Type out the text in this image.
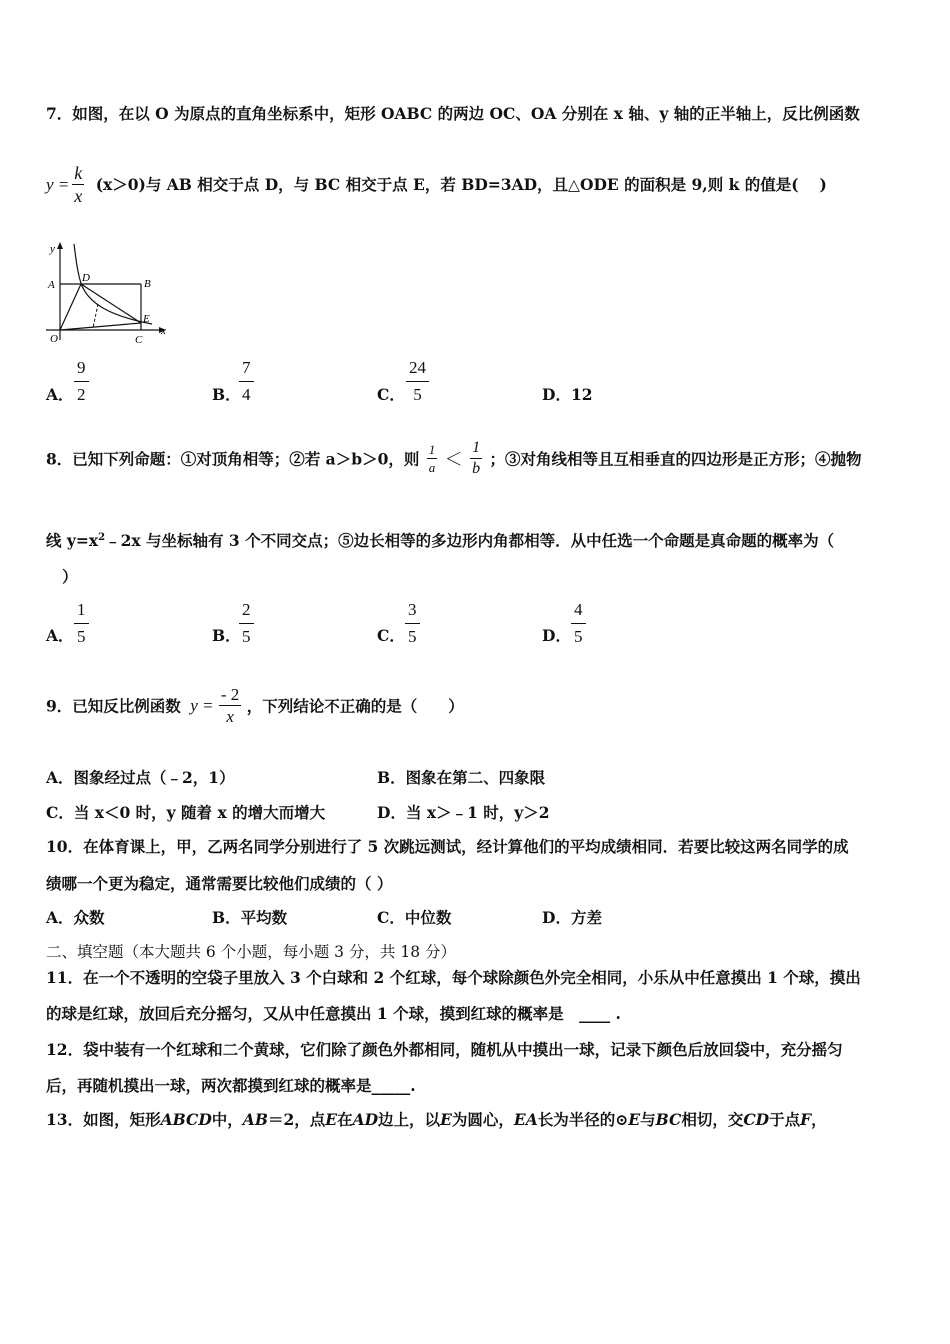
7．如图，在以 O 为原点的直角坐标系中，矩形 OABC 的两边 OC、OA 分别在 x 轴、y 轴的正半轴上，反比例函数
$y = \frac{k}{x} (x>0)$与 AB 相交于点 D，与 BC 相交于点 E，若 BD=3AD，且△ODE 的面积是 9,则 k 的值是(　 )
y
A
D	B
E
O	C
x
A． $\frac{9}{2}$	B．
$\frac{7}{4}$	C． $\frac{24}{5}$	D．12
8．已知下列命题：①对顶角相等；②若 a＞b＞0，则 $\frac{1}{a} < \frac{1}{b}$ ；③对角线相等且互相垂直的四边形是正方形；④抛物
线 $y=x^2﹣2x$ 与坐标轴有 3 个不同交点；⑤边长相等的多边形内角都相等．从中任选一个命题是真命题的概率为（
）
A． $\frac{1}{5}$	B．
$\frac{2}{5}$	C． $\frac{3}{5}$	D． $\frac{4}{5}$
9．已知反比例函数 $y = \frac{- 2}{x}$ ，下列结论不正确的是（　　）
A．图象经过点（﹣2，1）	B．图象在第二、四象限
C．当 x＜0 时，y 随着 x 的增大而增大	D．当 x＞﹣1 时，y＞2
10．在体育课上，甲，乙两名同学分别进行了 5 次跳远测试，经计算他们的平均成绩相同．若要比较这两名同学的成
绩哪一个更为稳定，通常需要比较他们成绩的（ ）
A．众数	B．平均数	C．中位数	D．方差
二、填空题（本大题共 6 个小题，每小题 3 分，共 18 分）
11．在一个不透明的空袋子里放入 3 个白球和 2 个红球，每个球除颜色外完全相同，小乐从中任意摸出 1 个球，摸出
的球是红球，放回后充分摇匀，又从中任意摸出 1 个球，摸到红球的概率是　____ .
12．袋中装有一个红球和二个黄球，它们除了颜色外都相同，随机从中摸出一球，记录下颜色后放回袋中，充分摇匀
后，再随机摸出一球，两次都摸到红球的概率是_____.
13．如图，矩形ABCD中，AB＝2，点E在AD边上，以E为圆心，EA长为半径的⊙E与BC相切，交CD于点F，
